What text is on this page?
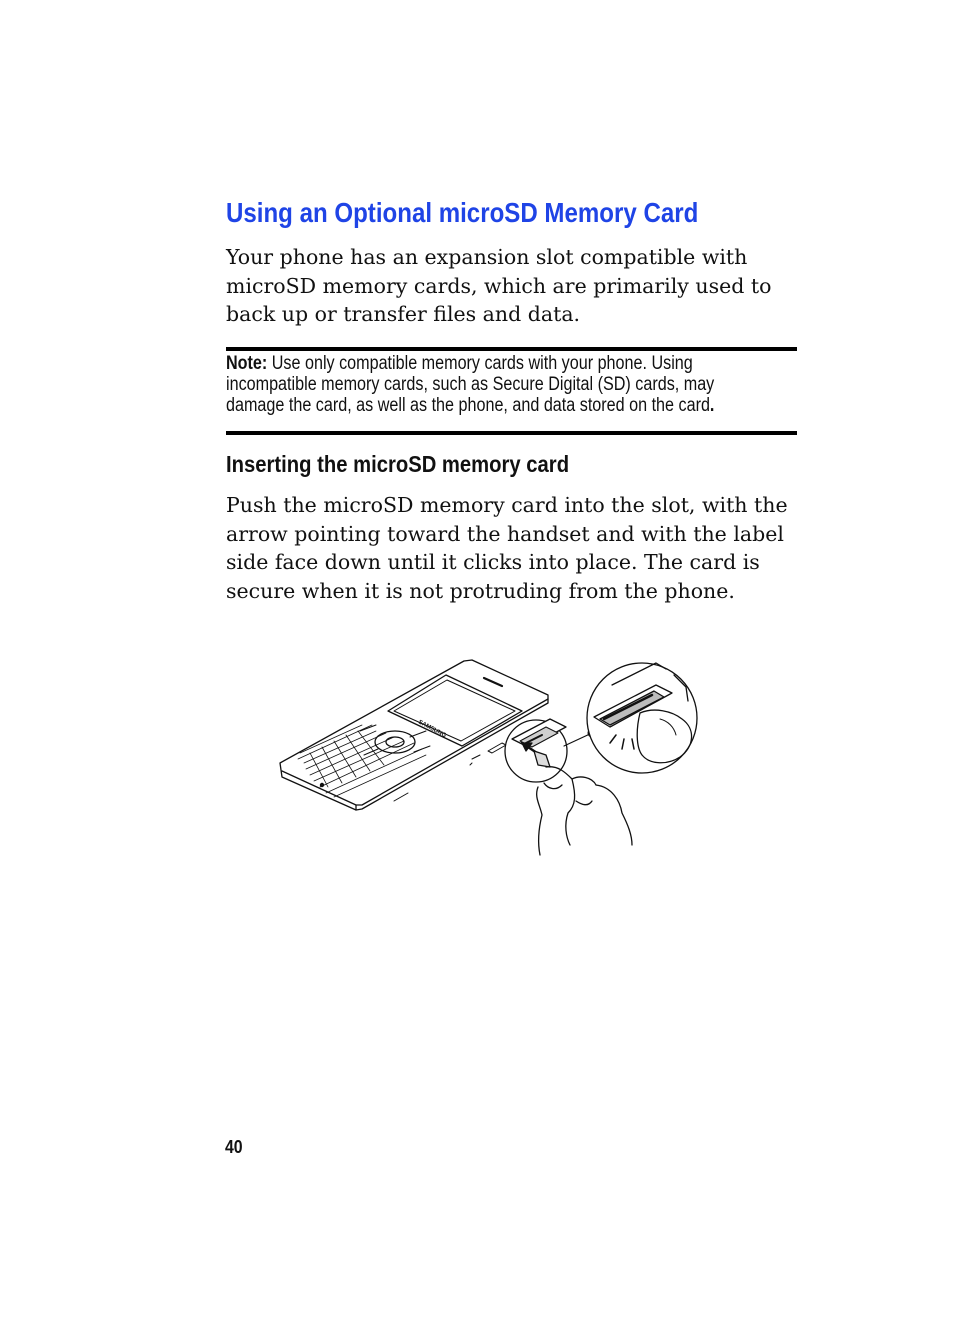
Using an Optional microSD Memory Card
Your phone has an expansion slot compatible with microSD memory cards, which are primarily used to back up or transfer files and data.
Note: Use only compatible memory cards with your phone. Using incompatible memory cards, such as Secure Digital (SD) cards, may damage the card, as well as the phone, and data stored on the card.
Inserting the microSD memory card
Push the microSD memory card into the slot, with the arrow pointing toward the handset and with the label side face down until it clicks into place. The card is secure when it is not protruding from the phone.
SAMSUNG
40
